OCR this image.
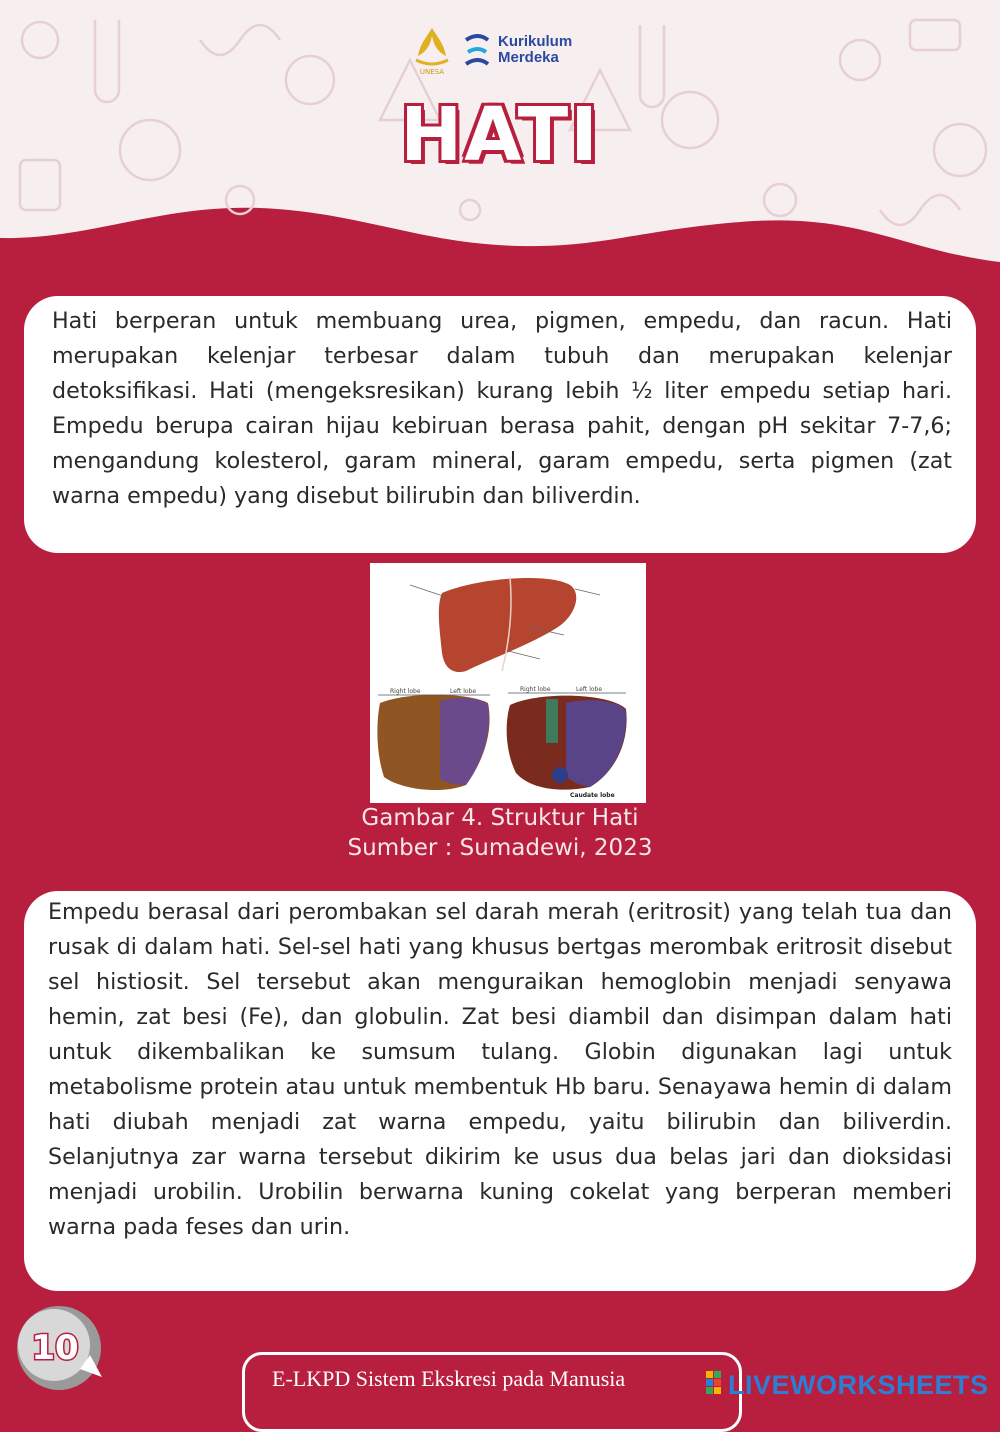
UNESA
Kurikulum
Merdeka
HATI
Hati berperan untuk membuang urea, pigmen, empedu, dan racun. Hati merupakan kelenjar terbesar dalam tubuh dan merupakan kelenjar detoksifikasi. Hati (mengeksresikan) kurang lebih ½ liter empedu setiap hari. Empedu berupa cairan hijau kebiruan berasa pahit, dengan pH sekitar 7-7,6; mengandung kolesterol, garam mineral, garam empedu, serta pigmen (zat warna empedu) yang disebut bilirubin dan biliverdin.
Right lobe	Left lobe	Right lobe	Left lobe
Caudate lobe
Gambar 4. Struktur Hati
Sumber : Sumadewi, 2023
Empedu berasal dari perombakan sel darah merah (eritrosit) yang telah tua dan rusak di dalam hati. Sel-sel hati yang khusus bertgas merombak eritrosit disebut sel histiosit. Sel tersebut akan menguraikan hemoglobin menjadi senyawa hemin, zat besi (Fe), dan globulin. Zat besi diambil dan disimpan dalam hati untuk dikembalikan ke sumsum tulang. Globin digunakan lagi untuk metabolisme protein atau untuk membentuk Hb baru. Senayawa hemin di dalam hati diubah menjadi zat warna empedu, yaitu bilirubin dan biliverdin. Selanjutnya zar warna tersebut dikirim ke usus dua belas jari dan dioksidasi menjadi urobilin. Urobilin berwarna kuning cokelat yang berperan memberi warna pada feses dan urin.
10
E-LKPD Sistem Ekskresi pada Manusia	LIVEWORKSHEETS
